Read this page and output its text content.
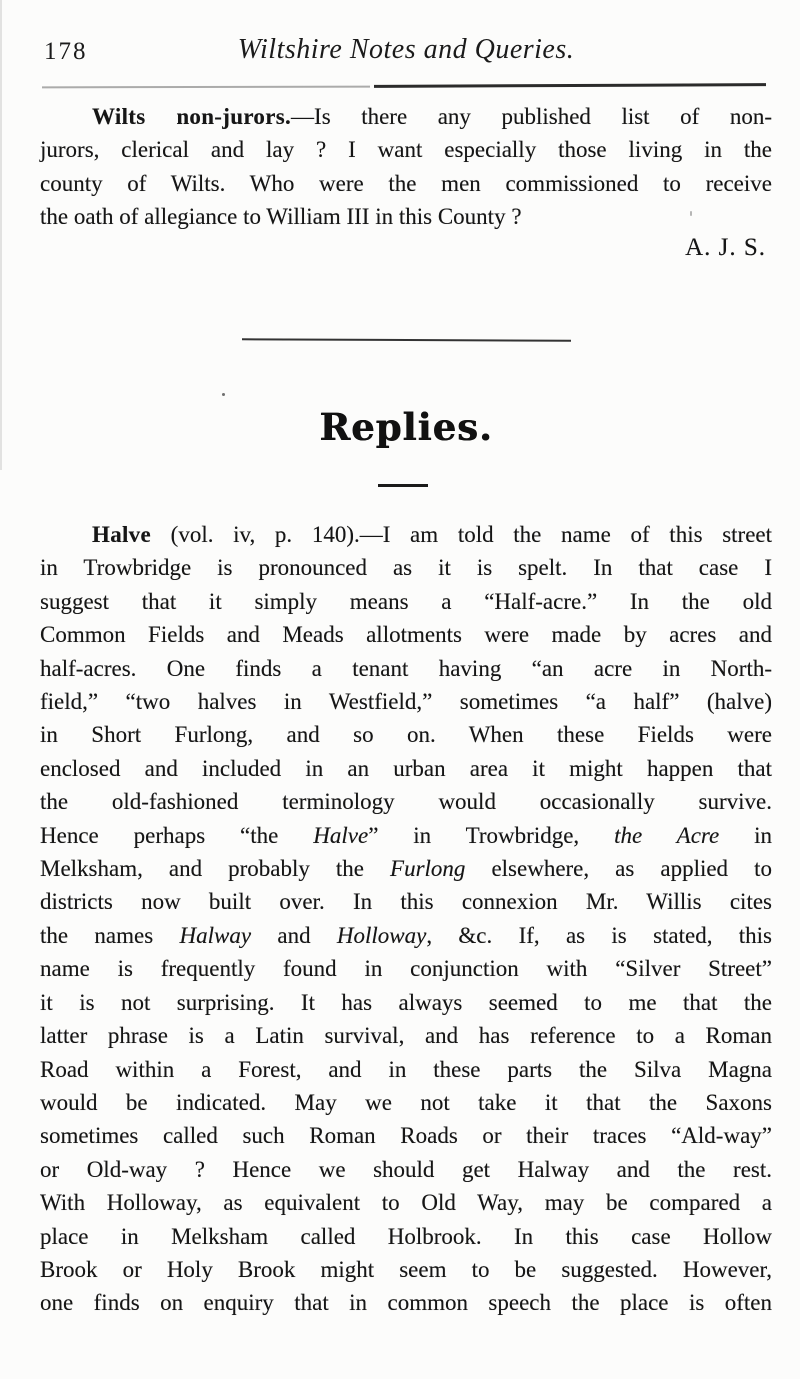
178	Wiltshire Notes and Queries.
Wilts non-jurors.—Is there any published list of non-
jurors, clerical and lay ? I want especially those living in the
county of Wilts. Who were the men commissioned to receive
the oath of allegiance to William III in this County ?
A. J. S.
Replies.
Halve (vol. iv, p. 140).—I am told the name of this street
in Trowbridge is pronounced as it is spelt. In that case I
suggest that it simply means a “Half-acre.” In the old
Common Fields and Meads allotments were made by acres and
half-acres. One finds a tenant having “an acre in North-
field,” “two halves in Westfield,” sometimes “a half” (halve)
in Short Furlong, and so on. When these Fields were
enclosed and included in an urban area it might happen that
the old-fashioned terminology would occasionally survive.
Hence perhaps “the Halve” in Trowbridge, the Acre in
Melksham, and probably the Furlong elsewhere, as applied to
districts now built over. In this connexion Mr. Willis cites
the names Halway and Holloway, &c. If, as is stated, this
name is frequently found in conjunction with “Silver Street”
it is not surprising. It has always seemed to me that the
latter phrase is a Latin survival, and has reference to a Roman
Road within a Forest, and in these parts the Silva Magna
would be indicated. May we not take it that the Saxons
sometimes called such Roman Roads or their traces “Ald-way”
or Old-way ? Hence we should get Halway and the rest.
With Holloway, as equivalent to Old Way, may be compared a
place in Melksham called Holbrook. In this case Hollow
Brook or Holy Brook might seem to be suggested. However,
one finds on enquiry that in common speech the place is often
